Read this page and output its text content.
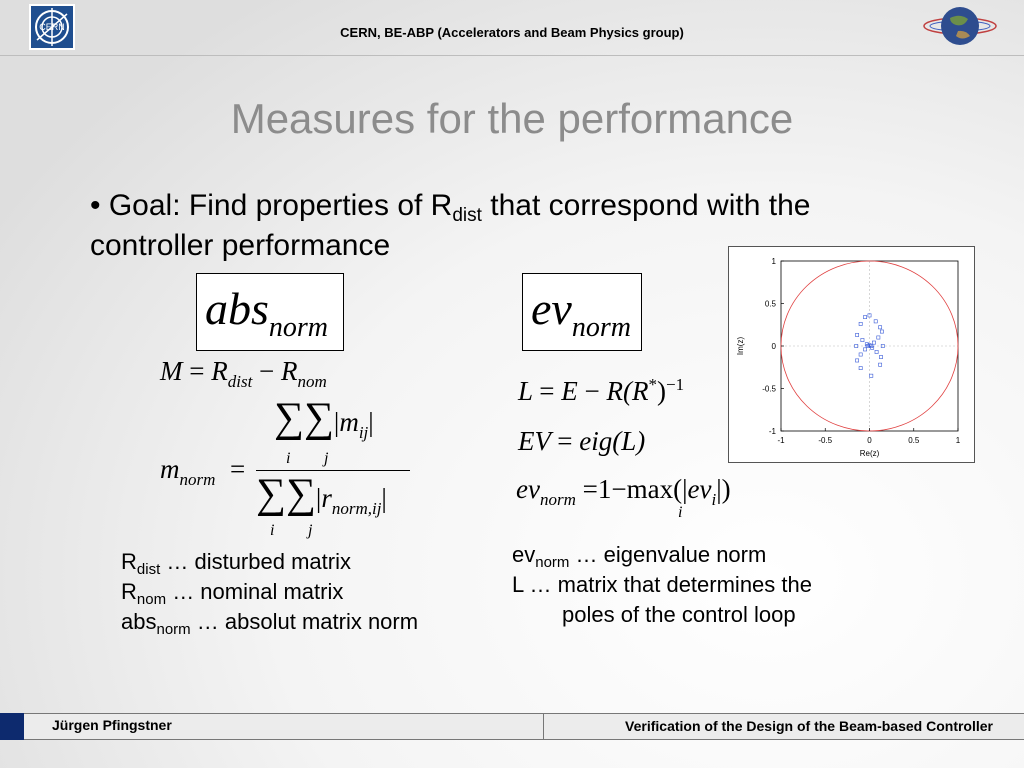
CERN	CERN, BE-ABP (Accelerators and Beam Physics group)
Measures for the performance
• Goal: Find properties of $R_{dist}$ that correspond with the controller performance
abs$_{norm}$	$ev_{norm}$
$M = R_{dist} - R_{nom}$
$m_{norm}$ =
$\sum\sum|m_{ij}|$
i j
$\sum\sum|r_{norm,ij}|$
i j
$L = E - R(R^*)^{-1}$
EV = eig(L)
$ev_{norm} =1-\max(|ev_i|)$
i
$R_{dist}$ … disturbed matrix
$R_{nom}$ … nominal matrix
abs$_{norm}$ … absolut matrix norm
$ev_{norm}$ … eigenvalue norm
L … matrix that determines the
poles of the control loop
-1	-0.5	0	0.5	1
1
0.5
0
-0.5
-1
Re(z)
Im(z)
Jürgen Pfingstner	Verification of the Design of the Beam-based Controller
